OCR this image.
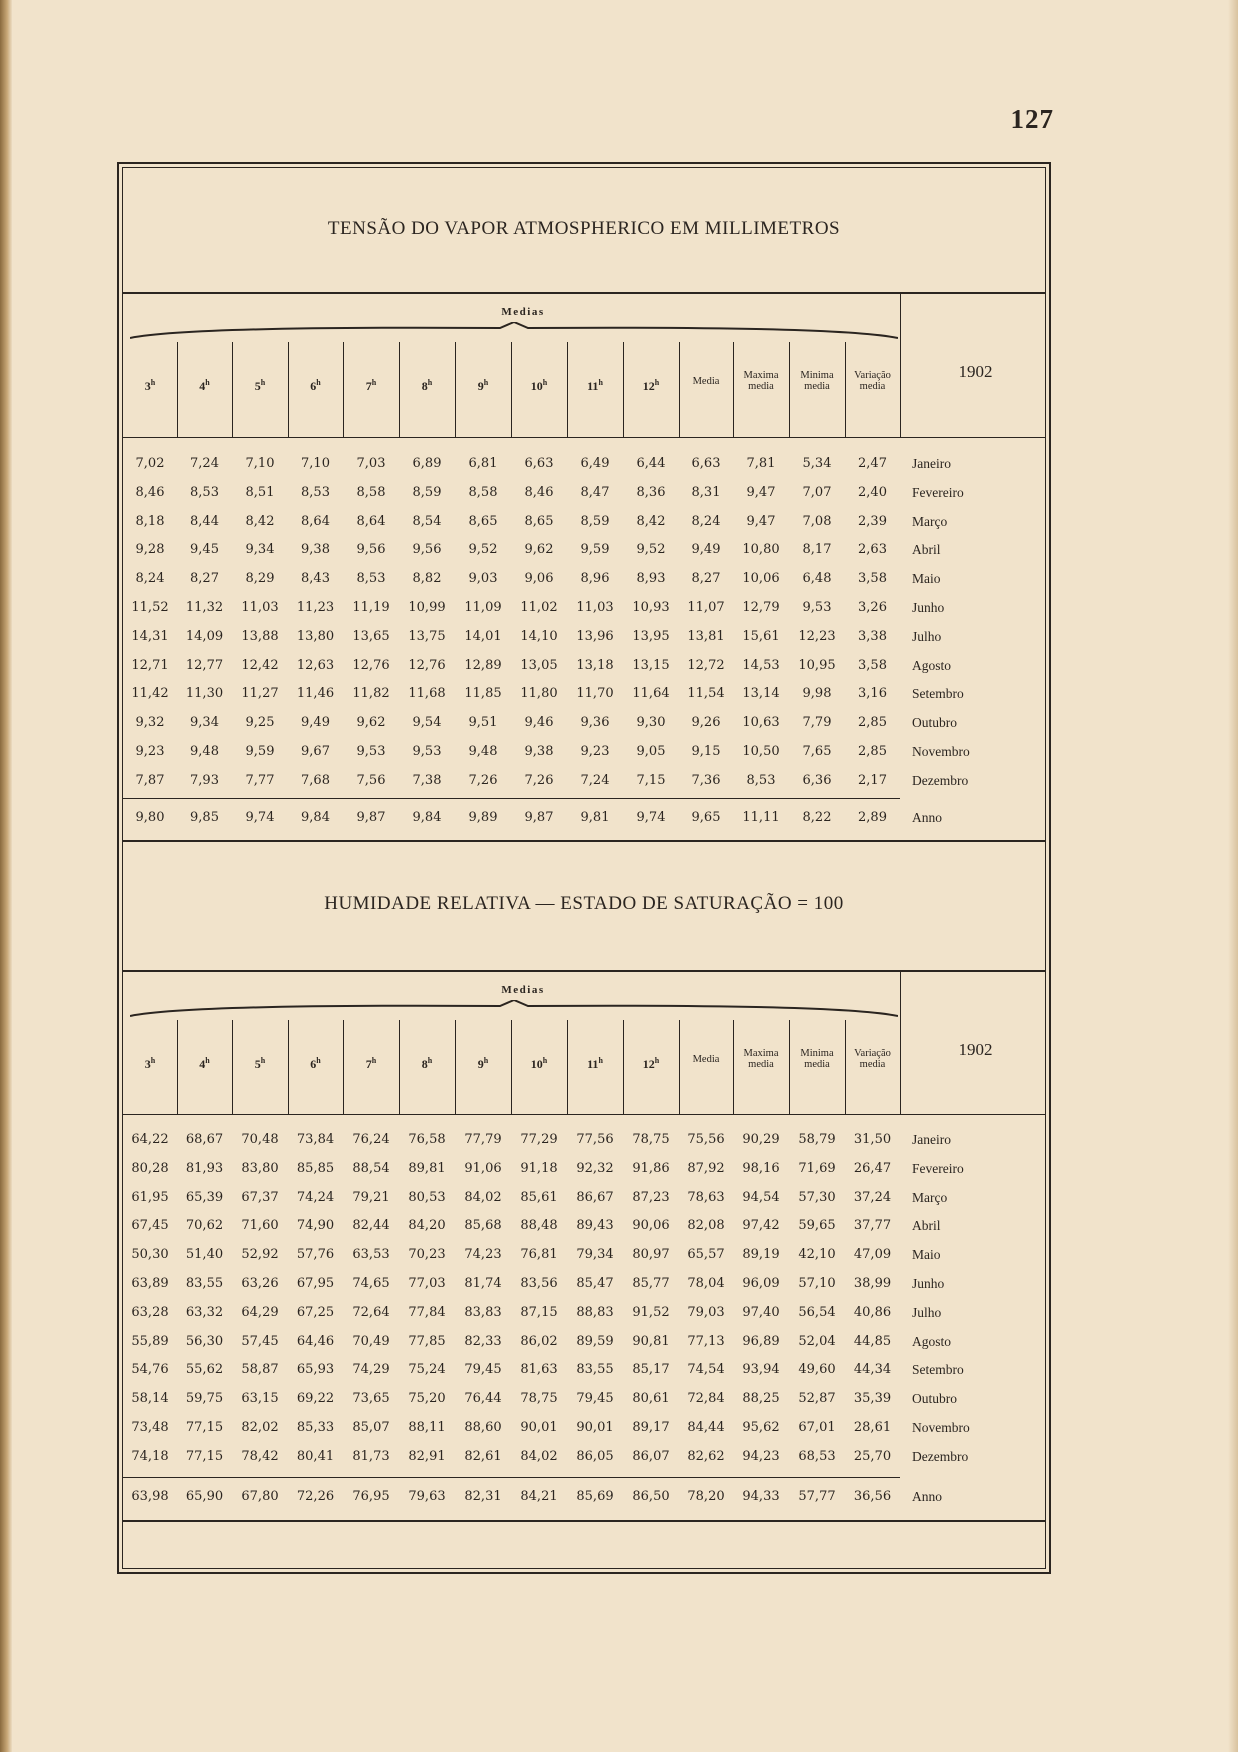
127
TENSÃO DO VAPOR ATMOSPHERICO EM MILLIMETROS
Medias
1902
3$^h$	4$^h$	5$^h$	6$^h$	7$^h$	8$^h$	9$^h$	10$^h$	11$^h$	12$^h$	Media
Maxima media
Minima media
Variação media
7,02	7,24	7,10	7,10	7,03	6,89	6,81	6,63	6,49	6,44	6,63	7,81	5,34	2,47	Janeiro
8,46	8,53	8,51	8,53	8,58	8,59	8,58	8,46	8,47	8,36	8,31	9,47	7,07	2,40	Fevereiro
8,18	8,44	8,42	8,64	8,64	8,54	8,65	8,65	8,59	8,42	8,24	9,47	7,08	2,39	Março
9,28	9,45	9,34	9,38	9,56	9,56	9,52	9,62	9,59	9,52	9,49	10,80	8,17	2,63	Abril
8,24	8,27	8,29	8,43	8,53	8,82	9,03	9,06	8,96	8,93	8,27	10,06	6,48	3,58	Maio
11,52	11,32	11,03	11,23	11,19	10,99	11,09	11,02	11,03	10,93	11,07	12,79	9,53	3,26	Junho
14,31	14,09	13,88	13,80	13,65	13,75	14,01	14,10	13,96	13,95	13,81	15,61	12,23	3,38	Julho
12,71	12,77	12,42	12,63	12,76	12,76	12,89	13,05	13,18	13,15	12,72	14,53	10,95	3,58	Agosto
11,42	11,30	11,27	11,46	11,82	11,68	11,85	11,80	11,70	11,64	11,54	13,14	9,98	3,16	Setembro
9,32	9,34	9,25	9,49	9,62	9,54	9,51	9,46	9,36	9,30	9,26	10,63	7,79	2,85	Outubro
9,23	9,48	9,59	9,67	9,53	9,53	9,48	9,38	9,23	9,05	9,15	10,50	7,65	2,85	Novembro
7,87	7,93	7,77	7,68	7,56	7,38	7,26	7,26	7,24	7,15	7,36	8,53	6,36	2,17	Dezembro
9,80	9,85	9,74	9,84	9,87	9,84	9,89	9,87	9,81	9,74	9,65	11,11	8,22	2,89	Anno
HUMIDADE RELATIVA — ESTADO DE SATURAÇÃO = 100
Medias
1902
3$^h$	4$^h$	5$^h$	6$^h$	7$^h$	8$^h$	9$^h$	10$^h$	11$^h$	12$^h$	Media
Maxima media
Minima media
Variação media
64,22	68,67	70,48	73,84	76,24	76,58	77,79	77,29	77,56	78,75	75,56	90,29	58,79	31,50	Janeiro
80,28	81,93	83,80	85,85	88,54	89,81	91,06	91,18	92,32	91,86	87,92	98,16	71,69	26,47	Fevereiro
61,95	65,39	67,37	74,24	79,21	80,53	84,02	85,61	86,67	87,23	78,63	94,54	57,30	37,24	Março
67,45	70,62	71,60	74,90	82,44	84,20	85,68	88,48	89,43	90,06	82,08	97,42	59,65	37,77	Abril
50,30	51,40	52,92	57,76	63,53	70,23	74,23	76,81	79,34	80,97	65,57	89,19	42,10	47,09	Maio
63,89	83,55	63,26	67,95	74,65	77,03	81,74	83,56	85,47	85,77	78,04	96,09	57,10	38,99	Junho
63,28	63,32	64,29	67,25	72,64	77,84	83,83	87,15	88,83	91,52	79,03	97,40	56,54	40,86	Julho
55,89	56,30	57,45	64,46	70,49	77,85	82,33	86,02	89,59	90,81	77,13	96,89	52,04	44,85	Agosto
54,76	55,62	58,87	65,93	74,29	75,24	79,45	81,63	83,55	85,17	74,54	93,94	49,60	44,34	Setembro
58,14	59,75	63,15	69,22	73,65	75,20	76,44	78,75	79,45	80,61	72,84	88,25	52,87	35,39	Outubro
73,48	77,15	82,02	85,33	85,07	88,11	88,60	90,01	90,01	89,17	84,44	95,62	67,01	28,61	Novembro
74,18	77,15	78,42	80,41	81,73	82,91	82,61	84,02	86,05	86,07	82,62	94,23	68,53	25,70	Dezembro
63,98	65,90	67,80	72,26	76,95	79,63	82,31	84,21	85,69	86,50	78,20	94,33	57,77	36,56	Anno
